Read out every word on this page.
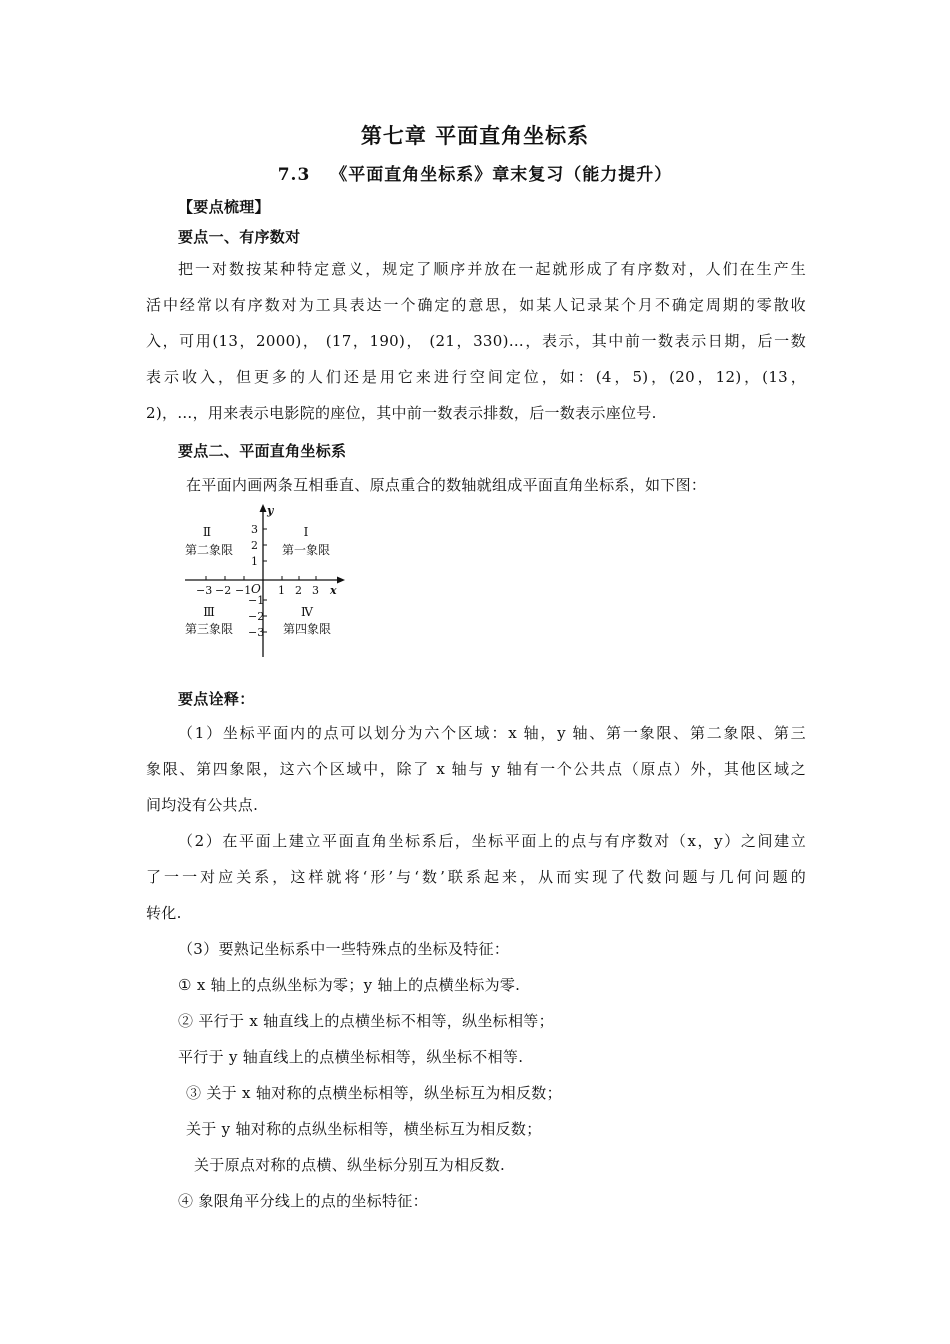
第七章 平面直角坐标系
7.3 《平面直角坐标系》章末复习（能力提升）
【要点梳理】
要点一、有序数对
把一对数按某种特定意义，规定了顺序并放在一起就形成了有序数对，人们在生产生
活中经常以有序数对为工具表达一个确定的意思，如某人记录某个月不确定周期的零散收
入，可用(13，2000)， (17，190)， (21，330)…，表示，其中前一数表示日期，后一数
表示收入，但更多的人们还是用它来进行空间定位，如：(4，5)，(20，12)，(13，
2)，…，用来表示电影院的座位，其中前一数表示排数，后一数表示座位号.
要点二、平面直角坐标系
在平面内画两条互相垂直、原点重合的数轴就组成平面直角坐标系，如下图：
y
x
O
3
2
1
−1
−2
−3
−3 −2 −1 1 2 3
Ⅱ
第二象限
Ⅰ
第一象限
Ⅲ
第三象限
Ⅳ
第四象限
要点诠释：
（1）坐标平面内的点可以划分为六个区域：x 轴，y 轴、第一象限、第二象限、第三
象限、第四象限，这六个区域中，除了 x 轴与 y 轴有一个公共点（原点）外，其他区域之
间均没有公共点.
（2）在平面上建立平面直角坐标系后，坐标平面上的点与有序数对（x，y）之间建立
了一一对应关系，这样就将‘形’与‘数’联系起来，从而实现了代数问题与几何问题的
转化.
（3）要熟记坐标系中一些特殊点的坐标及特征：
① x 轴上的点纵坐标为零；y 轴上的点横坐标为零.
② 平行于 x 轴直线上的点横坐标不相等，纵坐标相等；
平行于 y 轴直线上的点横坐标相等，纵坐标不相等.
③ 关于 x 轴对称的点横坐标相等，纵坐标互为相反数；
关于 y 轴对称的点纵坐标相等，横坐标互为相反数；
关于原点对称的点横、纵坐标分别互为相反数.
④ 象限角平分线上的点的坐标特征：
